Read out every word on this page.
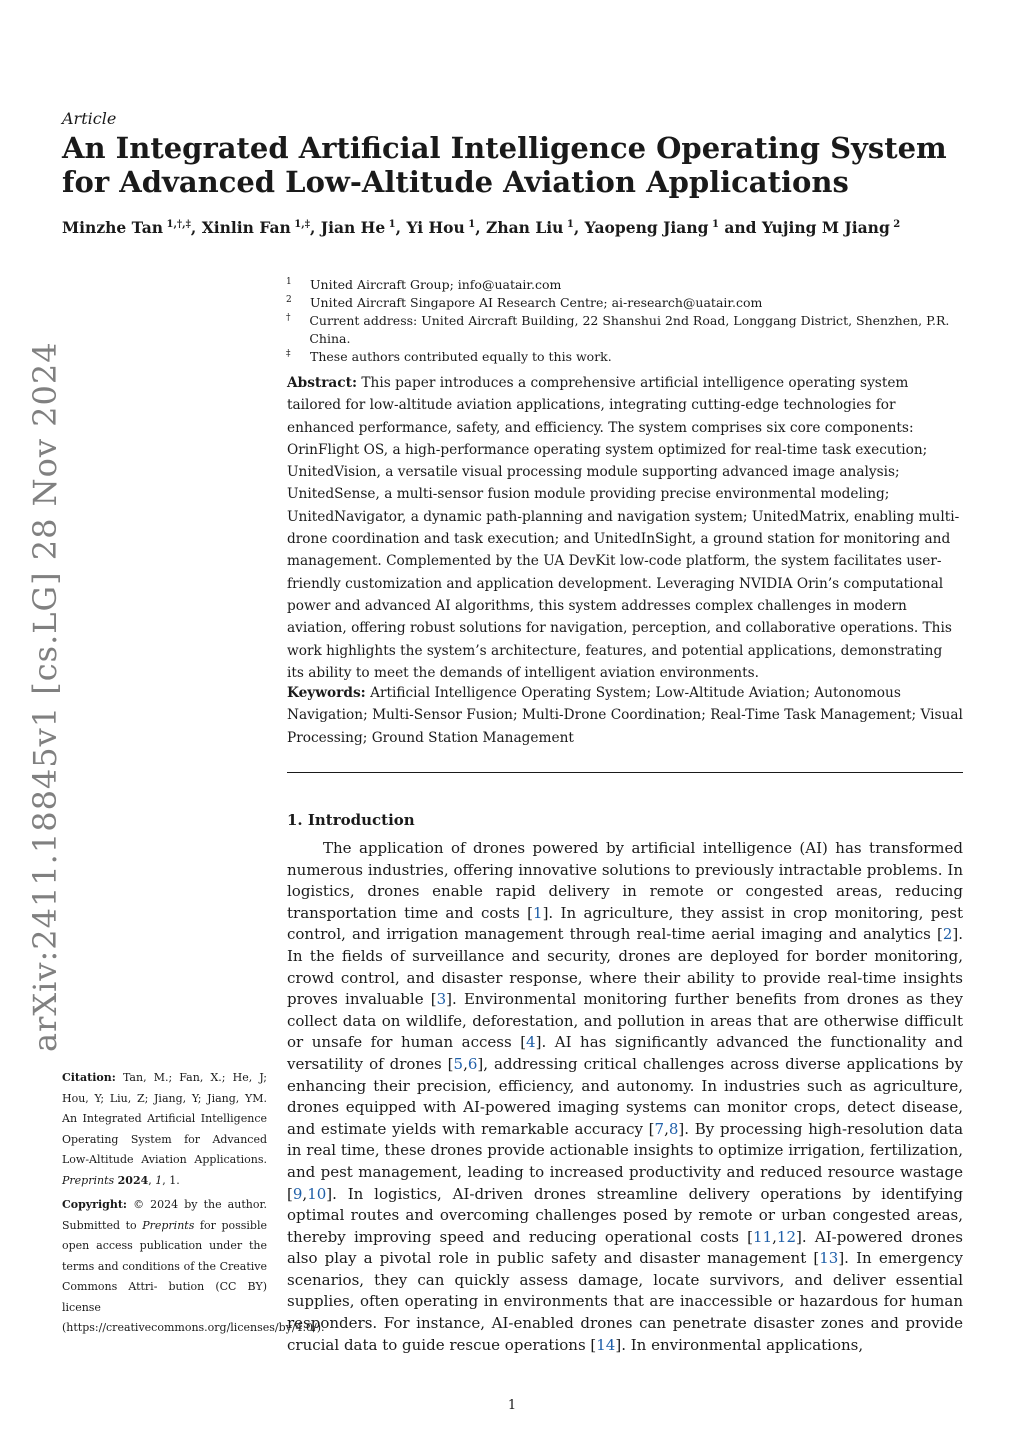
Article
An Integrated Artificial Intelligence Operating System for Advanced Low-Altitude Aviation Applications
Minzhe Tan $^{1,\dagger,\ddagger}$, Xinlin Fan $^{1,\ddagger}$, Jian He $^1$, Yi Hou $^1$, Zhan Liu $^1$, Yaopeng Jiang $^1$ and Yujing M Jiang $^2$
1	United Aircraft Group; info@uatair.com
2	United Aircraft Singapore AI Research Centre; ai-research@uatair.com
†	Current address: United Aircraft Building, 22 Shanshui 2nd Road, Longgang District, Shenzhen, P.R. China.
‡	These authors contributed equally to this work.
Abstract: This paper introduces a comprehensive artificial intelligence operating system tailored for low-altitude aviation applications, integrating cutting-edge technologies for enhanced performance, safety, and efficiency. The system comprises six core components: OrinFlight OS, a high-performance operating system optimized for real-time task execution; UnitedVision, a versatile visual processing module supporting advanced image analysis; UnitedSense, a multi-sensor fusion module providing precise environmental modeling; UnitedNavigator, a dynamic path-planning and navigation system; UnitedMatrix, enabling multi-drone coordination and task execution; and UnitedInSight, a ground station for monitoring and management. Complemented by the UA DevKit low-code platform, the system facilitates user-friendly customization and application development. Leveraging NVIDIA Orin’s computational power and advanced AI algorithms, this system addresses complex challenges in modern aviation, offering robust solutions for navigation, perception, and collaborative operations. This work highlights the system’s architecture, features, and potential applications, demonstrating its ability to meet the demands of intelligent aviation environments.
Keywords: Artificial Intelligence Operating System; Low-Altitude Aviation; Autonomous Navigation; Multi-Sensor Fusion; Multi-Drone Coordination; Real-Time Task Management; Visual Processing; Ground Station Management
1. Introduction
The application of drones powered by artificial intelligence (AI) has transformed numerous industries, offering innovative solutions to previously intractable problems. In logistics, drones enable rapid delivery in remote or congested areas, reducing transportation time and costs [1]. In agriculture, they assist in crop monitoring, pest control, and irrigation management through real-time aerial imaging and analytics [2]. In the fields of surveillance and security, drones are deployed for border monitoring, crowd control, and disaster response, where their ability to provide real-time insights proves invaluable [3]. Environmental monitoring further benefits from drones as they collect data on wildlife, deforestation, and pollution in areas that are otherwise difficult or unsafe for human access [4]. AI has significantly advanced the functionality and versatility of drones [5,6], addressing critical challenges across diverse applications by enhancing their precision, efficiency, and autonomy. In industries such as agriculture, drones equipped with AI-powered imaging systems can monitor crops, detect disease, and estimate yields with remarkable accuracy [7,8]. By processing high-resolution data in real time, these drones provide actionable insights to optimize irrigation, fertilization, and pest management, leading to increased productivity and reduced resource wastage [9,10]. In logistics, AI-driven drones streamline delivery operations by identifying optimal routes and overcoming challenges posed by remote or urban congested areas, thereby improving speed and reducing operational costs [11,12]. AI-powered drones also play a pivotal role in public safety and disaster management [13]. In emergency scenarios, they can quickly assess damage, locate survivors, and deliver essential supplies, often operating in environments that are inaccessible or hazardous for human responders. For instance, AI-enabled drones can penetrate disaster zones and provide crucial data to guide rescue operations [14]. In environmental applications,
arXiv:2411.18845v1 [cs.LG] 28 Nov 2024
Citation: Tan, M.; Fan, X.; He, J; Hou, Y; Liu, Z; Jiang, Y; Jiang, YM. An Integrated Artificial Intelligence Operating System for Advanced Low-Altitude Aviation Applications. Preprints 2024, 1, 1.
Copyright: © 2024 by the author. Submitted to Preprints for possible open access publication under the terms and conditions of the Creative Commons Attri- bution (CC BY) license (https://creativecommons.org/licenses/by/4.0/).
1
